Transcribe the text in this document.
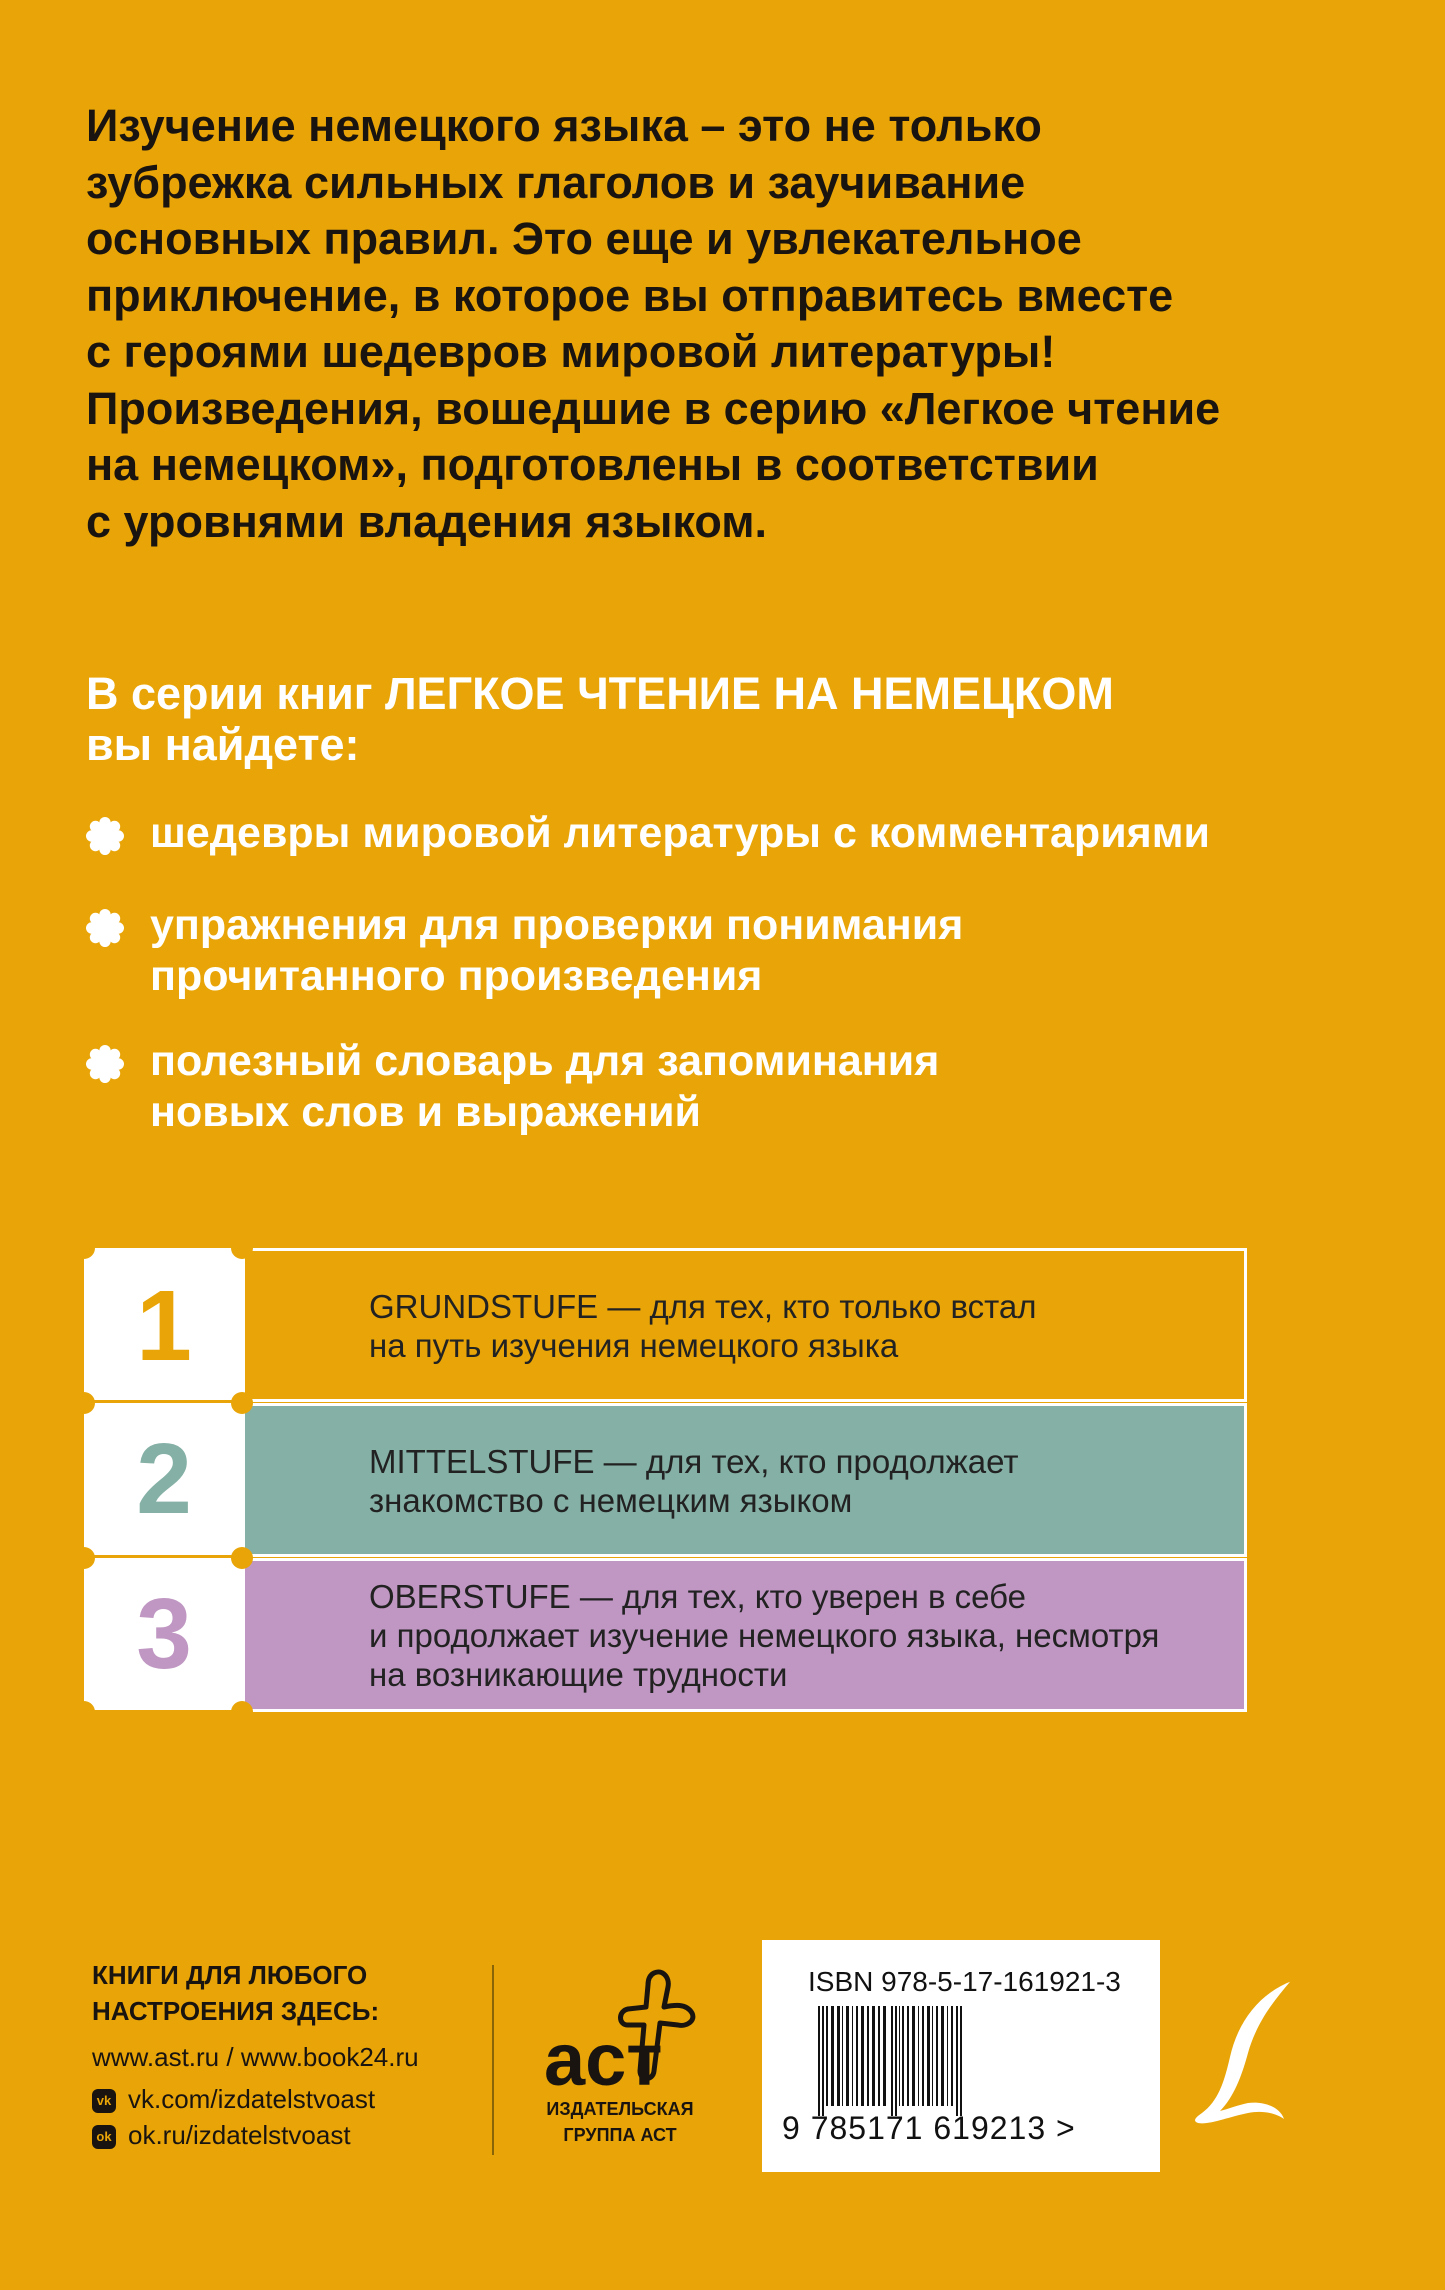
Изучение немецкого языка – это не только
зубрежка сильных глаголов и заучивание
основных правил. Это еще и увлекательное
приключение, в которое вы отправитесь вместе
с героями шедевров мировой литературы!
Произведения, вошедшие в серию «Легкое чтение
на немецком», подготовлены в соответствии
с уровнями владения языком.
В серии книг ЛЕГКОЕ ЧТЕНИЕ НА НЕМЕЦКОМ
вы найдете:
шедевры мировой литературы с комментариями
упражнения для проверки понимания
прочитанного произведения
полезный словарь для запоминания
новых слов и выражений
1	GRUNDSTUFE — для тех, кто только встал
на путь изучения немецкого языка
2	MITTELSTUFE — для тех, кто продолжает
знакомство с немецким языком
3	OBERSTUFE — для тех, кто уверен в себе
и продолжает изучение немецкого языка, несмотря
на возникающие трудности
КНИГИ ДЛЯ ЛЮБОГО
НАСТРОЕНИЯ ЗДЕСЬ:
www.ast.ru / www.book24.ru
vk vk.com/izdatelstvoast
ok ok.ru/izdatelstvoast
аст
ИЗДАТЕЛЬСКАЯ
ГРУППА АСТ
ISBN 978-5-17-161921-3
9 785171 619213 >
